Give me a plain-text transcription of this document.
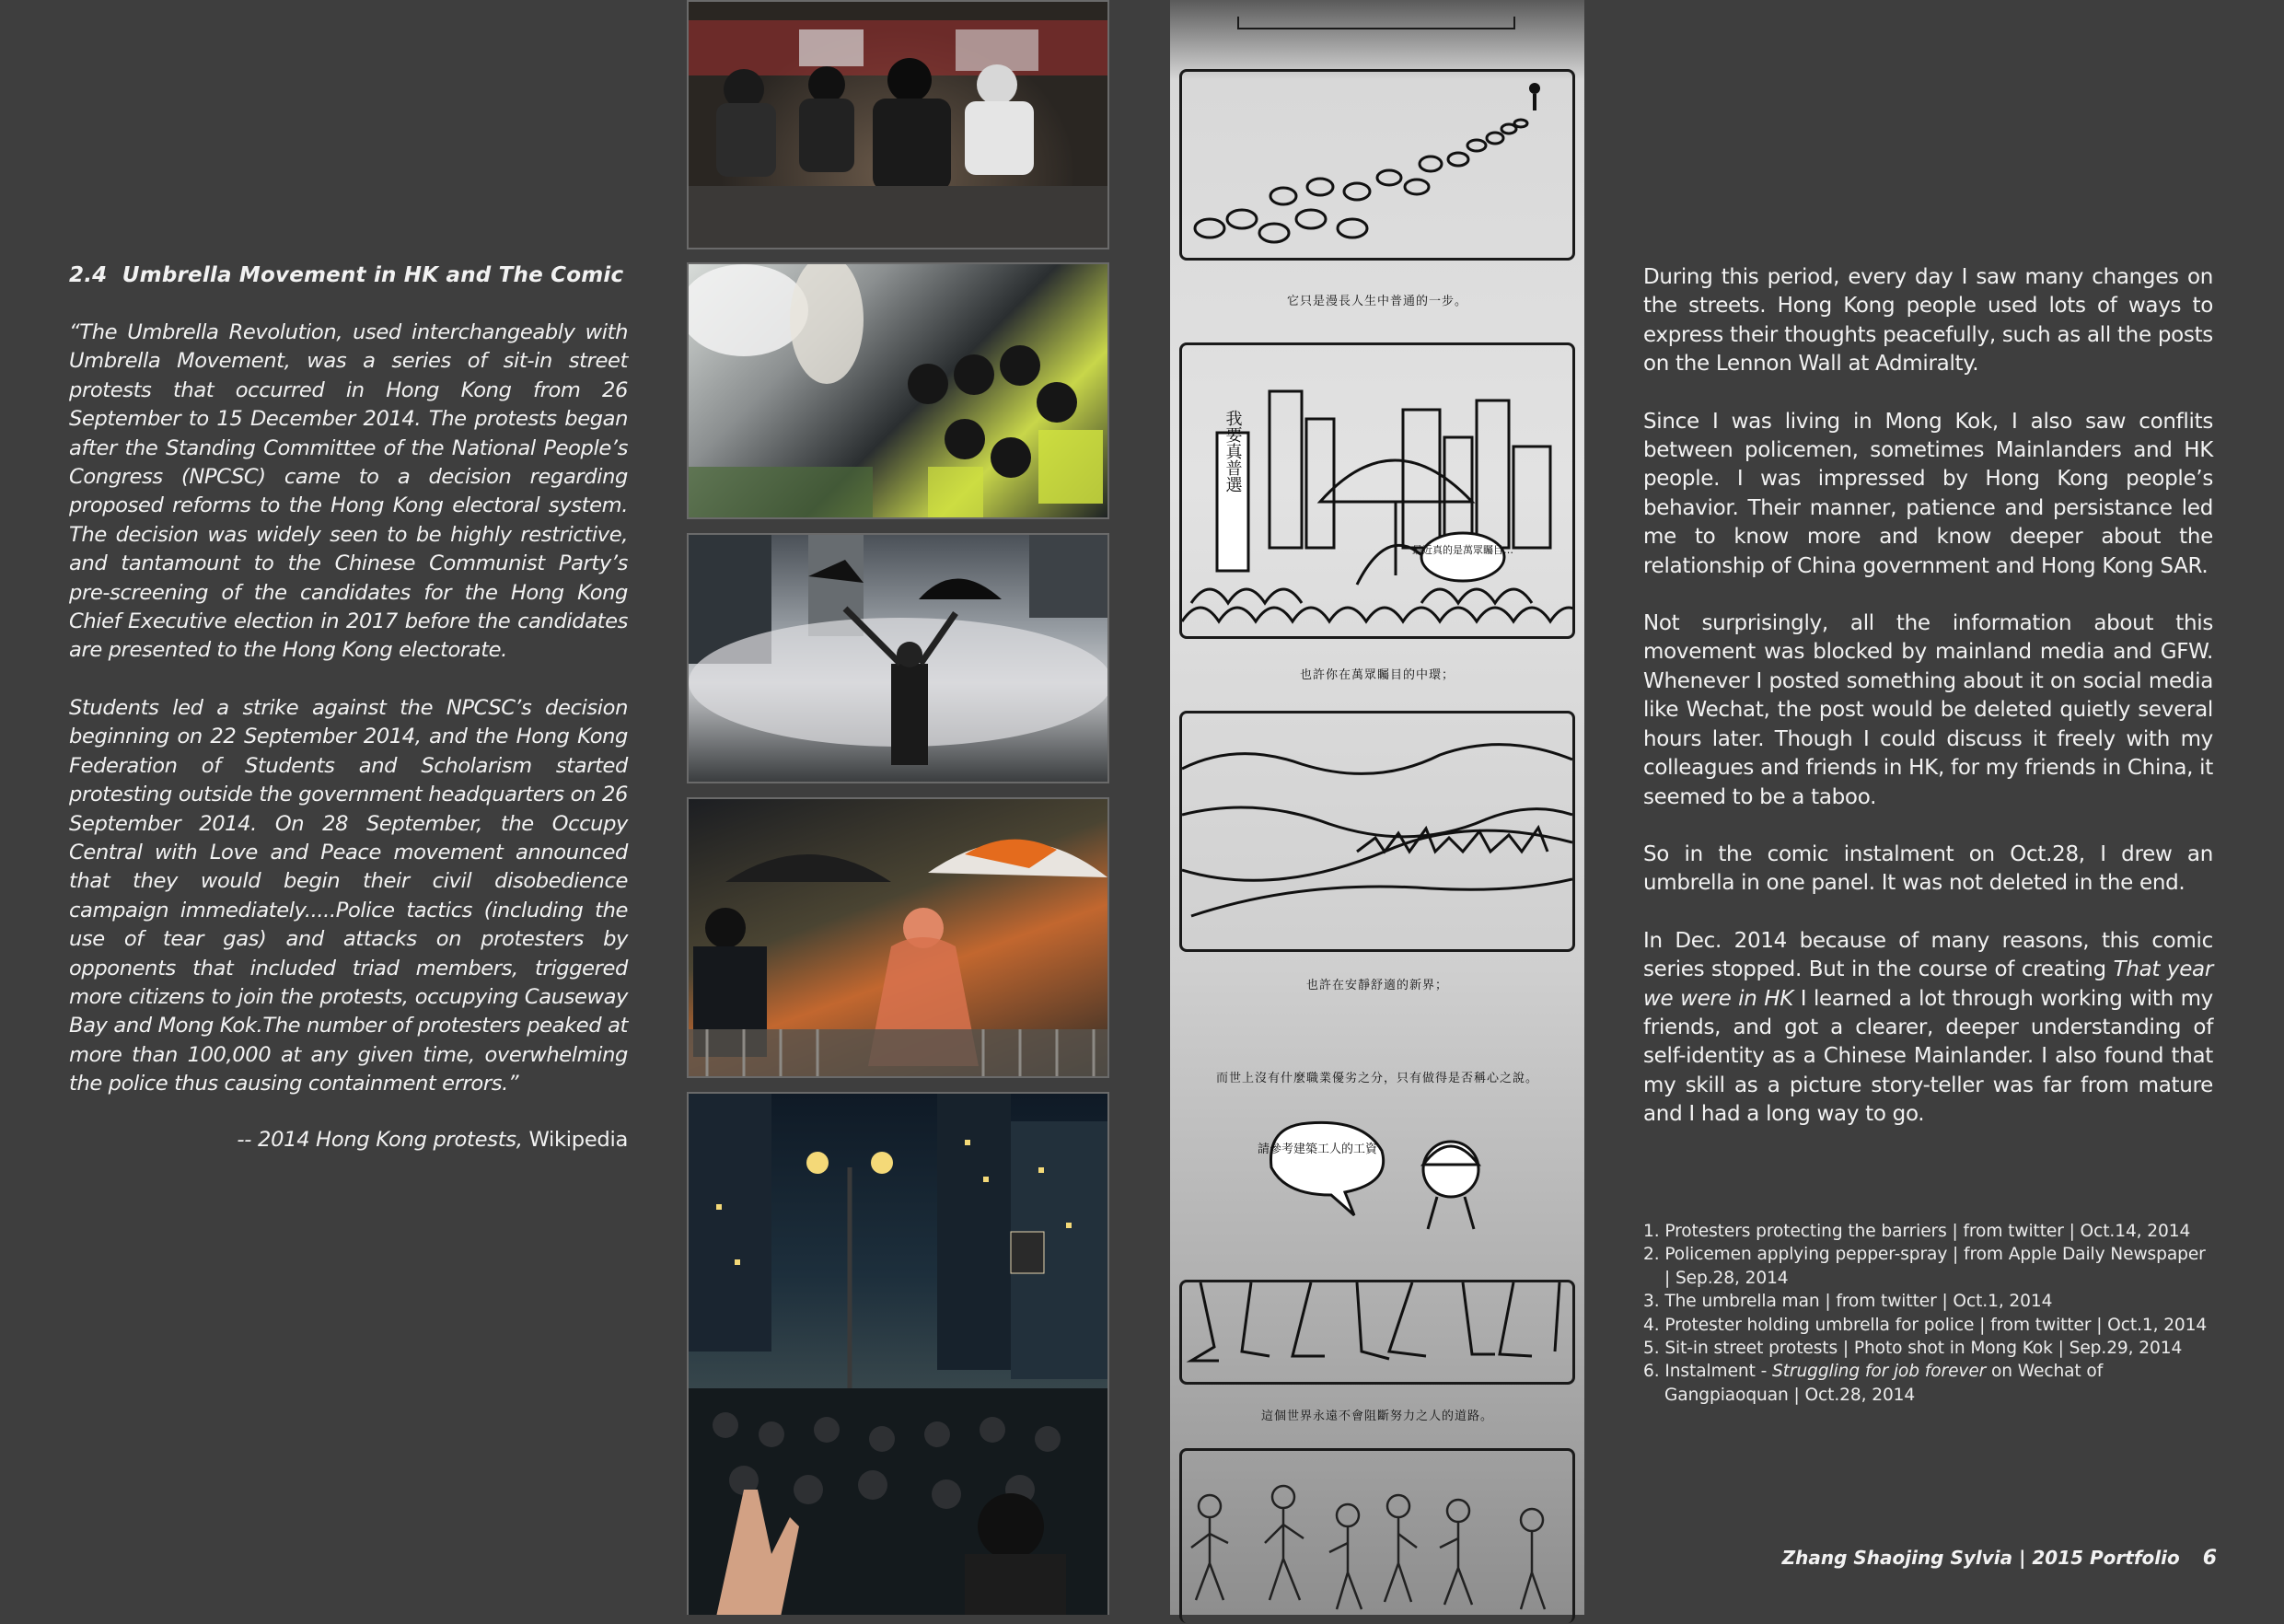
2.4 Umbrella Movement in HK and The Comic

“The Umbrella Revolution, used interchangeably with Umbrella Movement, was a series of sit-in street protests that occurred in Hong Kong from 26 September to 15 December 2014. The protests began after the Standing Committee of the National People’s Congress (NPCSC) came to a decision regarding proposed reforms to the Hong Kong electoral system. The decision was widely seen to be highly restrictive, and tantamount to the Chinese Communist Party’s pre-screening of the candidates for the Hong Kong Chief Executive election in 2017 before the candidates are presented to the Hong Kong electorate.

Students led a strike against the NPCSC’s decision beginning on 22 September 2014, and the Hong Kong Federation of Students and Scholarism started protesting outside the government headquarters on 26 September 2014. On 28 September, the Occupy Central with Love and Peace movement announced that they would begin their civil disobedience campaign immediately.....Police tactics (including the use of tear gas) and attacks on protesters by opponents that included triad members, triggered more citizens to join the protests, occupying Causeway Bay and Mong Kok.The number of protesters peaked at more than 100,000 at any given time, overwhelming the police thus causing containment errors.”

-- 2014 Hong Kong protests, Wikipedia
它只是漫長人生中普通的一步。
我要真普選
最近真的是萬眾矚目…
也許你在萬眾矚目的中環；
也許在安靜舒適的新界；
而世上沒有什麼職業優劣之分，只有做得是否稱心之說。
請參考建築工人的工資
這個世界永遠不會阻斷努力之人的道路。

During this period, every day I saw many changes on the streets. Hong Kong people used lots of ways to express their thoughts peacefully, such as all the posts on the Lennon Wall at Admiralty.

Since I was living in Mong Kok, I also saw conflits between policemen, sometimes Mainlanders and HK people. I was impressed by Hong Kong people’s behavior. Their manner, patience and persistance led me to know more and know deeper about the relationship of China government and Hong Kong SAR.

Not surprisingly, all the information about this movement was blocked by mainland media and GFW. Whenever I posted something about it on social media like Wechat, the post would be deleted quietly several hours later. Though I could discuss it freely with my colleagues and friends in HK, for my friends in China, it seemed to be a taboo.

So in the comic instalment on Oct.28, I drew an umbrella in one panel. It was not deleted in the end.

In Dec. 2014 because of many reasons, this comic series stopped. But in the course of creating That year we were in HK I learned a lot through working with my friends, and got a clearer, deeper understanding of self-identity as a Chinese Mainlander. I also found that my skill as a picture story-teller was far from mature and I had a long way to go.

1. Protesters protecting the barriers | from twitter | Oct.14, 2014
2. Policemen applying pepper-spray | from Apple Daily Newspaper | Sep.28, 2014
3. The umbrella man | from twitter | Oct.1, 2014
4. Protester holding umbrella for police | from twitter | Oct.1, 2014
5. Sit-in street protests | Photo shot in Mong Kok | Sep.29, 2014
6. Instalment - Struggling for job forever on Wechat of Gangpiaoquan | Oct.28, 2014
Zhang Shaojing Sylvia | 2015 Portfolio 6
